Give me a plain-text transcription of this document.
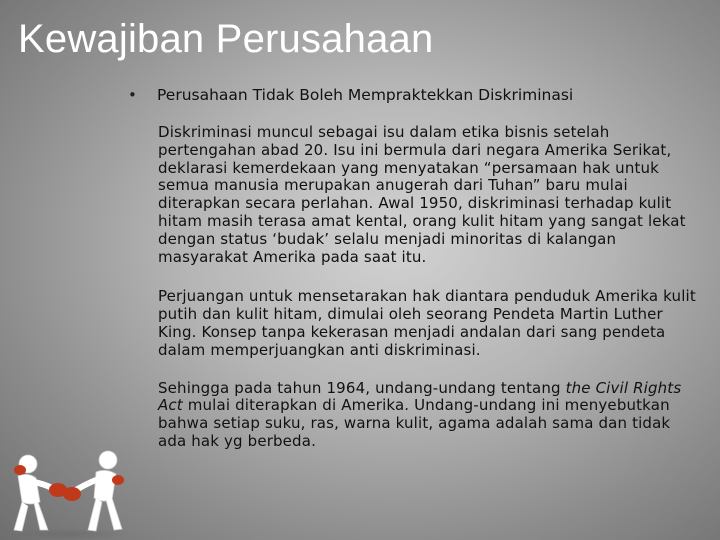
Kewajiban Perusahaan
• Perusahaan Tidak Boleh Mempraktekkan Diskriminasi

Diskriminasi muncul sebagai isu dalam etika bisnis setelah pertengahan abad 20. Isu ini bermula dari negara Amerika Serikat, deklarasi kemerdekaan yang menyatakan “persamaan hak untuk semua manusia merupakan anugerah dari Tuhan” baru mulai diterapkan secara perlahan. Awal 1950, diskriminasi terhadap kulit hitam masih terasa amat kental, orang kulit hitam yang sangat lekat dengan status ‘budak’ selalu menjadi minoritas di kalangan masyarakat Amerika pada saat itu.

Perjuangan untuk mensetarakan hak diantara penduduk Amerika kulit putih dan kulit hitam, dimulai oleh seorang Pendeta Martin Luther King. Konsep tanpa kekerasan menjadi andalan dari sang pendeta dalam memperjuangkan anti diskriminasi.

Sehingga pada tahun 1964, undang-undang tentang the Civil Rights Act mulai diterapkan di Amerika. Undang-undang ini menyebutkan bahwa setiap suku, ras, warna kulit, agama adalah sama dan tidak ada hak yg berbeda.
